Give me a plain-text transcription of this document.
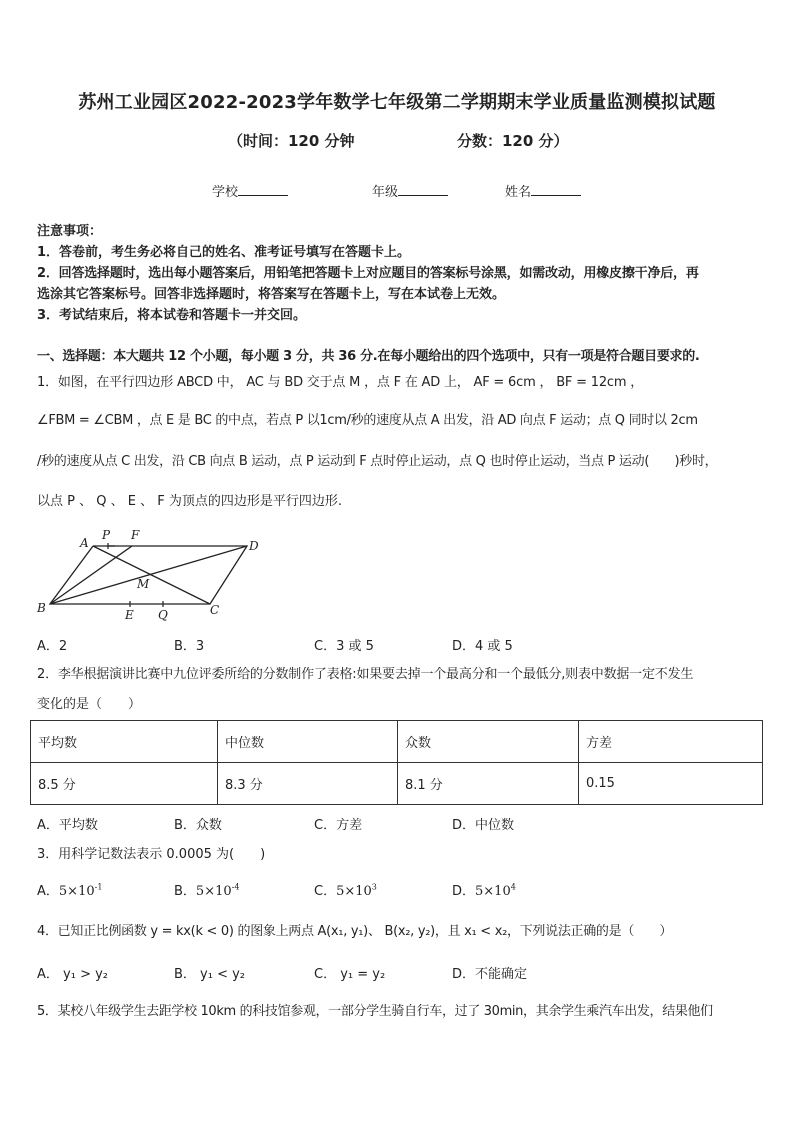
苏州工业园区2022-2023学年数学七年级第二学期期末学业质量监测模拟试题
（时间：120 分钟	分数：120 分）
学校	年级	姓名
注意事项：
1．答卷前，考生务必将自己的姓名、准考证号填写在答题卡上。
2．回答选择题时，选出每小题答案后，用铅笔把答题卡上对应题目的答案标号涂黑，如需改动，用橡皮擦干净后，再
选涂其它答案标号。回答非选择题时，将答案写在答题卡上，写在本试卷上无效。
3．考试结束后，将本试卷和答题卡一并交回。
一、选择题：本大题共 12 个小题，每小题 3 分，共 36 分.在每小题给出的四个选项中，只有一项是符合题目要求的.
1．如图，在平行四边形 ABCD 中， AC 与 BD 交于点 M ，点 F 在 AD 上， AF = 6cm ， BF = 12cm ，
∠FBM = ∠CBM ，点 E 是 BC 的中点，若点 P 以1cm/秒的速度从点 A 出发，沿 AD 向点 F 运动；点 Q 同时以 2cm
/秒的速度从点 C 出发，沿 CB 向点 B 运动，点 P 运动到 F 点时停止运动，点 Q 也时停止运动，当点 P 运动(　　)秒时，
以点 P 、 Q 、 E 、 F 为顶点的四边形是平行四边形.
A
P F
D
M
B	E Q	C
A．2	B．3	C．3 或 5	D．4 或 5
2．李华根据演讲比赛中九位评委所给的分数制作了表格:如果要去掉一个最高分和一个最低分,则表中数据一定不发生
变化的是（　　）
平均数	中位数	众数	方差
8.5 分	8.3 分	8.1 分	0.15
A．平均数	B．众数	C．方差	D．中位数
3．用科学记数法表示 0.0005 为(　　)
A．$5\times 10^{-1}$	B．$5\times 10^{-4}$	C．$5\times 10^3$	D．$5\times 10^4$
4．已知正比例函数 y = kx(k < 0) 的图象上两点 A(x₁, y₁)、 B(x₂, y₂)，且 x₁ < x₂，下列说法正确的是（　　）
A． y₁ > y₂	B． y₁ < y₂	C． y₁ = y₂	D．不能确定
5．某校八年级学生去距学校 10km 的科技馆参观，一部分学生骑自行车，过了 30min，其余学生乘汽车出发，结果他们
